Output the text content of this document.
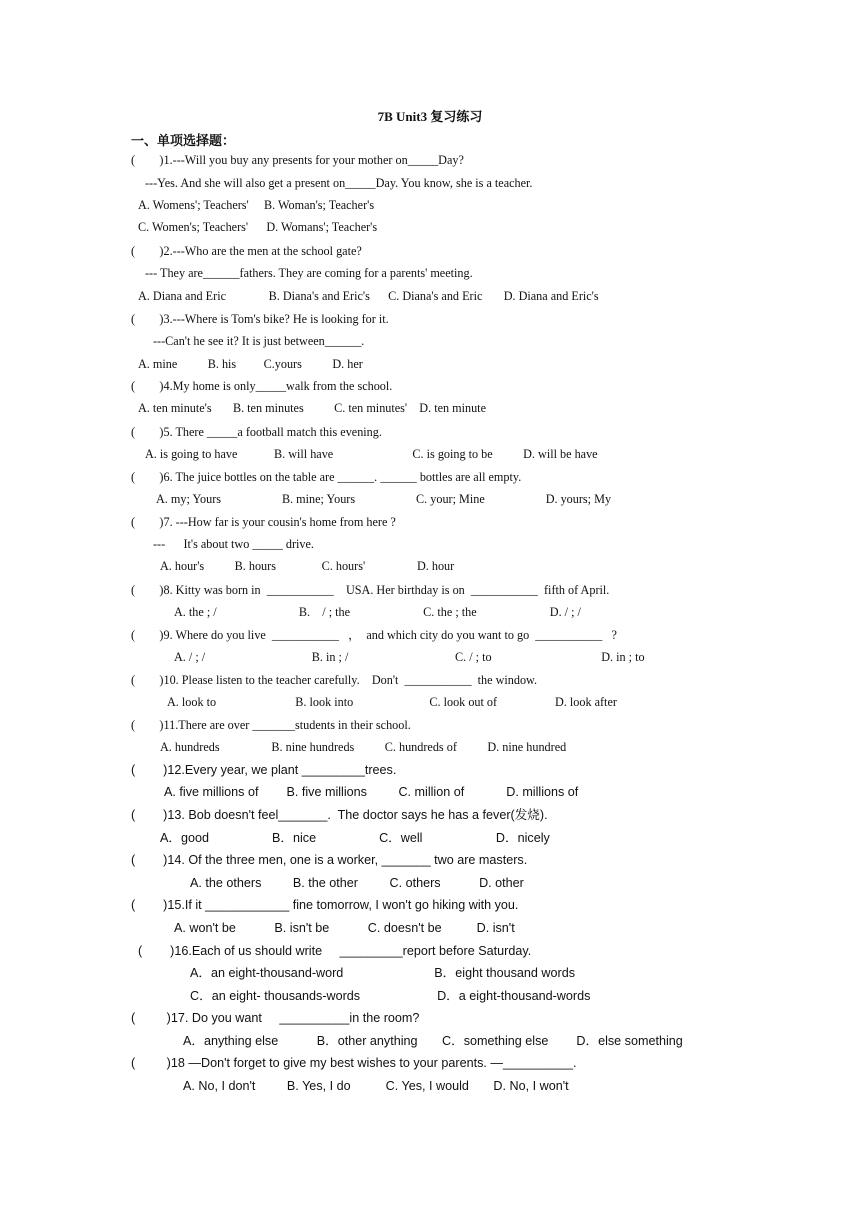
7B Unit3 复习练习
一、单项选择题：
(        )1.---Will you buy any presents for your mother on_____Day?
---Yes. And she will also get a present on_____Day. You know, she is a teacher.
A. Womens'; Teachers'     B. Woman's; Teacher's
C. Women's; Teachers'      D. Womans'; Teacher's
(        )2.---Who are the men at the school gate?
--- They are______fathers. They are coming for a parents' meeting.
A. Diana and Eric              B. Diana's and Eric's      C. Diana's and Eric       D. Diana and Eric's
(        )3.---Where is Tom's bike? He is looking for it.
---Can't he see it? It is just between______.
A. mine          B. his         C.yours          D. her
(        )4.My home is only_____walk from the school.
A. ten minute's       B. ten minutes          C. ten minutes'    D. ten minute
(        )5. There _____a football match this evening.
A. is going to have            B. will have                          C. is going to be          D. will be have
(        )6. The juice bottles on the table are ______. ______ bottles are all empty.
A. my; Yours                    B. mine; Yours                    C. your; Mine                    D. yours; My
(        )7. ---How far is your cousin's home from here ?
---      It's about two _____ drive.
A. hour's          B. hours               C. hours'                 D. hour
(        )8. Kitty was born in  ___________    USA. Her birthday is on  ___________  fifth of April.
A. the ; /                           B.    / ; the                        C. the ; the                        D. / ; /
(        )9. Where do you live  ___________   ，  and which city do you want to go  ___________   ?
A. / ; /                                   B. in ; /                                   C. / ; to                                    D. in ; to
(        )10. Please listen to the teacher carefully.    Don't  ___________  the window.
A. look to                          B. look into                         C. look out of                   D. look after
(        )11.There are over _______students in their school.
A. hundreds                 B. nine hundreds          C. hundreds of          D. nine hundred
(        )12.Every year, we plant _________trees.
A. five millions of        B. five millions         C. million of            D. millions of
(        )13. Bob doesn't feel_______.  The doctor says he has a fever(发烧).
A．good                  B．nice                  C．well                     D．nicely
(        )14. Of the three men, one is a worker, _______ two are masters.
A. the others         B. the other         C. others           D. other
(        )15.If it ____________ fine tomorrow, I won't go hiking with you.
A. won't be           B. isn't be           C. doesn't be          D. isn't
(        )16.Each of us should write     _________report before Saturday.
A．an eight-thousand-word                          B．eight thousand words
C．an eight- thousands-words                      D．a eight-thousand-words
(         )17. Do you want     __________in the room?
A．anything else           B．other anything       C．something else        D．else something
(         )18 —Don't forget to give my best wishes to your parents. —__________.
A. No, I don't         B. Yes, I do          C. Yes, I would       D. No, I won't
